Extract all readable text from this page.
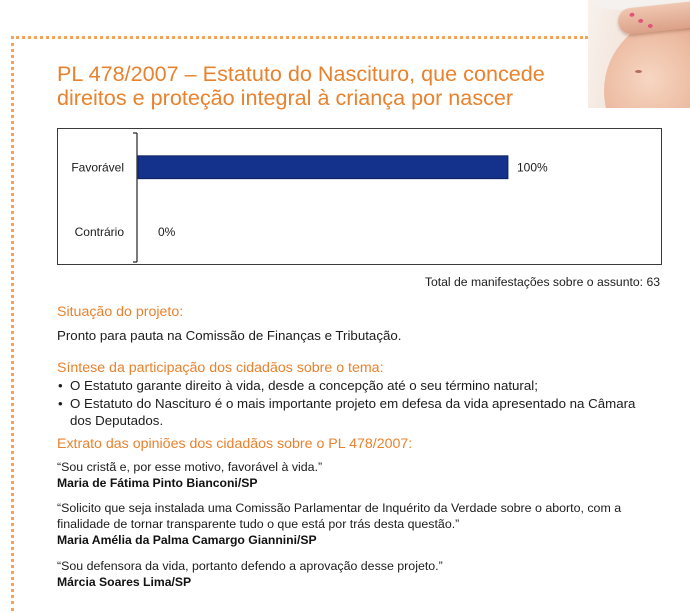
PL 478/2007 – Estatuto do Nascituro, que concede direitos e proteção integral à criança por nascer
Favorável	100%
Contrário	0%
Total de manifestações sobre o assunto: 63
Situação do projeto:

Pronto para pauta na Comissão de Finanças e Tributação.

Síntese da participação dos cidadãos sobre o tema:
• O Estatuto garante direito à vida, desde a concepção até o seu término natural;
• O Estatuto do Nascituro é o mais importante projeto em defesa da vida apresentado na Câmara dos Deputados.
Extrato das opiniões dos cidadãos sobre o PL 478/2007:

“Sou cristã e, por esse motivo, favorável à vida.”

Maria de Fátima Pinto Bianconi/SP

“Solicito que seja instalada uma Comissão Parlamentar de Inquérito da Verdade sobre o aborto, com a finalidade de tornar transparente tudo o que está por trás desta questão.”

Maria Amélia da Palma Camargo Giannini/SP

“Sou defensora da vida, portanto defendo a aprovação desse projeto.”

Márcia Soares Lima/SP
